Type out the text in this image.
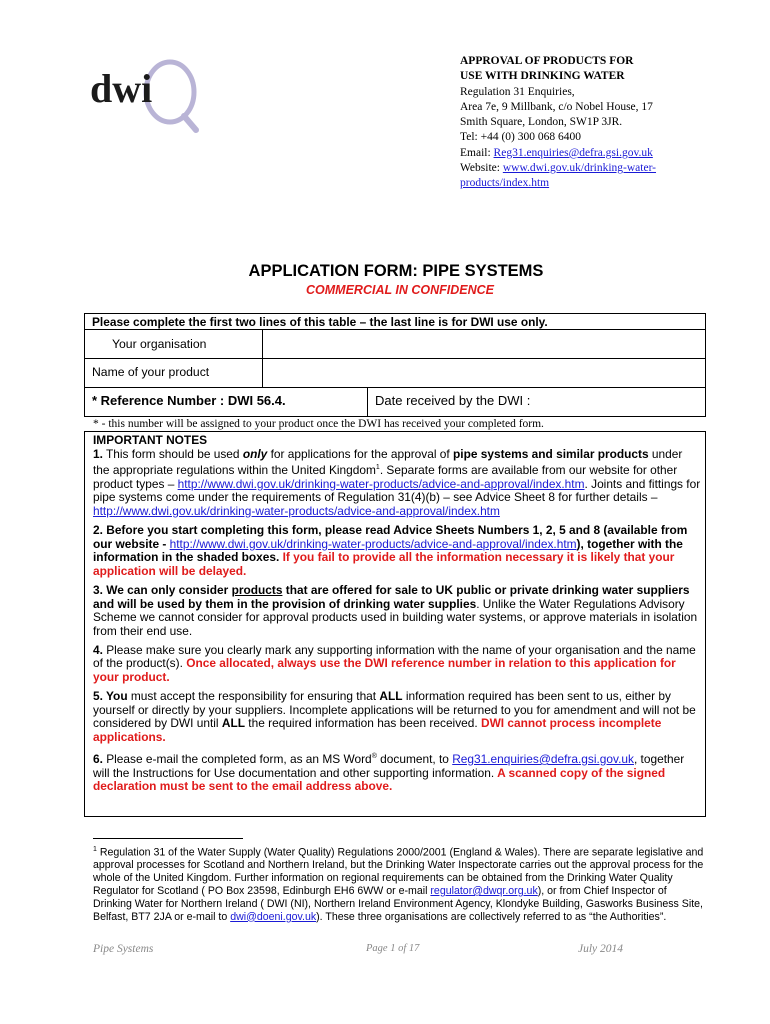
dwi
APPROVAL OF PRODUCTS FOR
USE WITH DRINKING WATER
Regulation 31 Enquiries,
Area 7e, 9 Millbank, c/o Nobel House, 17
Smith Square, London, SW1P 3JR.
Tel: +44 (0) 300 068 6400
Email: Reg31.enquiries@defra.gsi.gov.uk
Website: www.dwi.gov.uk/drinking-water-
products/index.htm
APPLICATION FORM: PIPE SYSTEMS
COMMERCIAL IN CONFIDENCE
Please complete the first two lines of this table – the last line is for DWI use only.
Your organisation
Name of your product
* Reference Number : DWI 56.4.	Date received by the DWI :
* - this number will be assigned to your product once the DWI has received your completed form.

IMPORTANT NOTES

1. This form should be used only for applications for the approval of pipe systems and similar products under the appropriate regulations within the United Kingdom$^1$. Separate forms are available from our website for other product types – http://www.dwi.gov.uk/drinking-water-products/advice-and-approval/index.htm. Joints and fittings for pipe systems come under the requirements of Regulation 31(4)(b) – see Advice Sheet 8 for further details – http://www.dwi.gov.uk/drinking-water-products/advice-and-approval/index.htm

2. Before you start completing this form, please read Advice Sheets Numbers 1, 2, 5 and 8 (available from our website - http://www.dwi.gov.uk/drinking-water-products/advice-and-approval/index.htm), together with the information in the shaded boxes. If you fail to provide all the information necessary it is likely that your application will be delayed.

3. We can only consider products that are offered for sale to UK public or private drinking water suppliers and will be used by them in the provision of drinking water supplies. Unlike the Water Regulations Advisory Scheme we cannot consider for approval products used in building water systems, or approve materials in isolation from their end use.

4. Please make sure you clearly mark any supporting information with the name of your organisation and the name of the product(s). Once allocated, always use the DWI reference number in relation to this application for your product.

5. You must accept the responsibility for ensuring that ALL information required has been sent to us, either by yourself or directly by your suppliers. Incomplete applications will be returned to you for amendment and will not be considered by DWI until ALL the required information has been received. DWI cannot process incomplete applications.

6. Please e-mail the completed form, as an MS Word® document, to Reg31.enquiries@defra.gsi.gov.uk, together will the Instructions for Use documentation and other supporting information. A scanned copy of the signed declaration must be sent to the email address above.

$^1$ Regulation 31 of the Water Supply (Water Quality) Regulations 2000/2001 (England & Wales). There are separate legislative and approval processes for Scotland and Northern Ireland, but the Drinking Water Inspectorate carries out the approval process for the whole of the United Kingdom. Further information on regional requirements can be obtained from the Drinking Water Quality Regulator for Scotland ( PO Box 23598, Edinburgh EH6 6WW or e-mail regulator@dwqr.org.uk), or from Chief Inspector of Drinking Water for Northern Ireland ( DWI (NI), Northern Ireland Environment Agency, Klondyke Building, Gasworks Business Site, Belfast, BT7 2JA or e-mail to dwi@doeni.gov.uk). These three organisations are collectively referred to as “the Authorities”.
Pipe Systems	Page 1 of 17	July 2014
